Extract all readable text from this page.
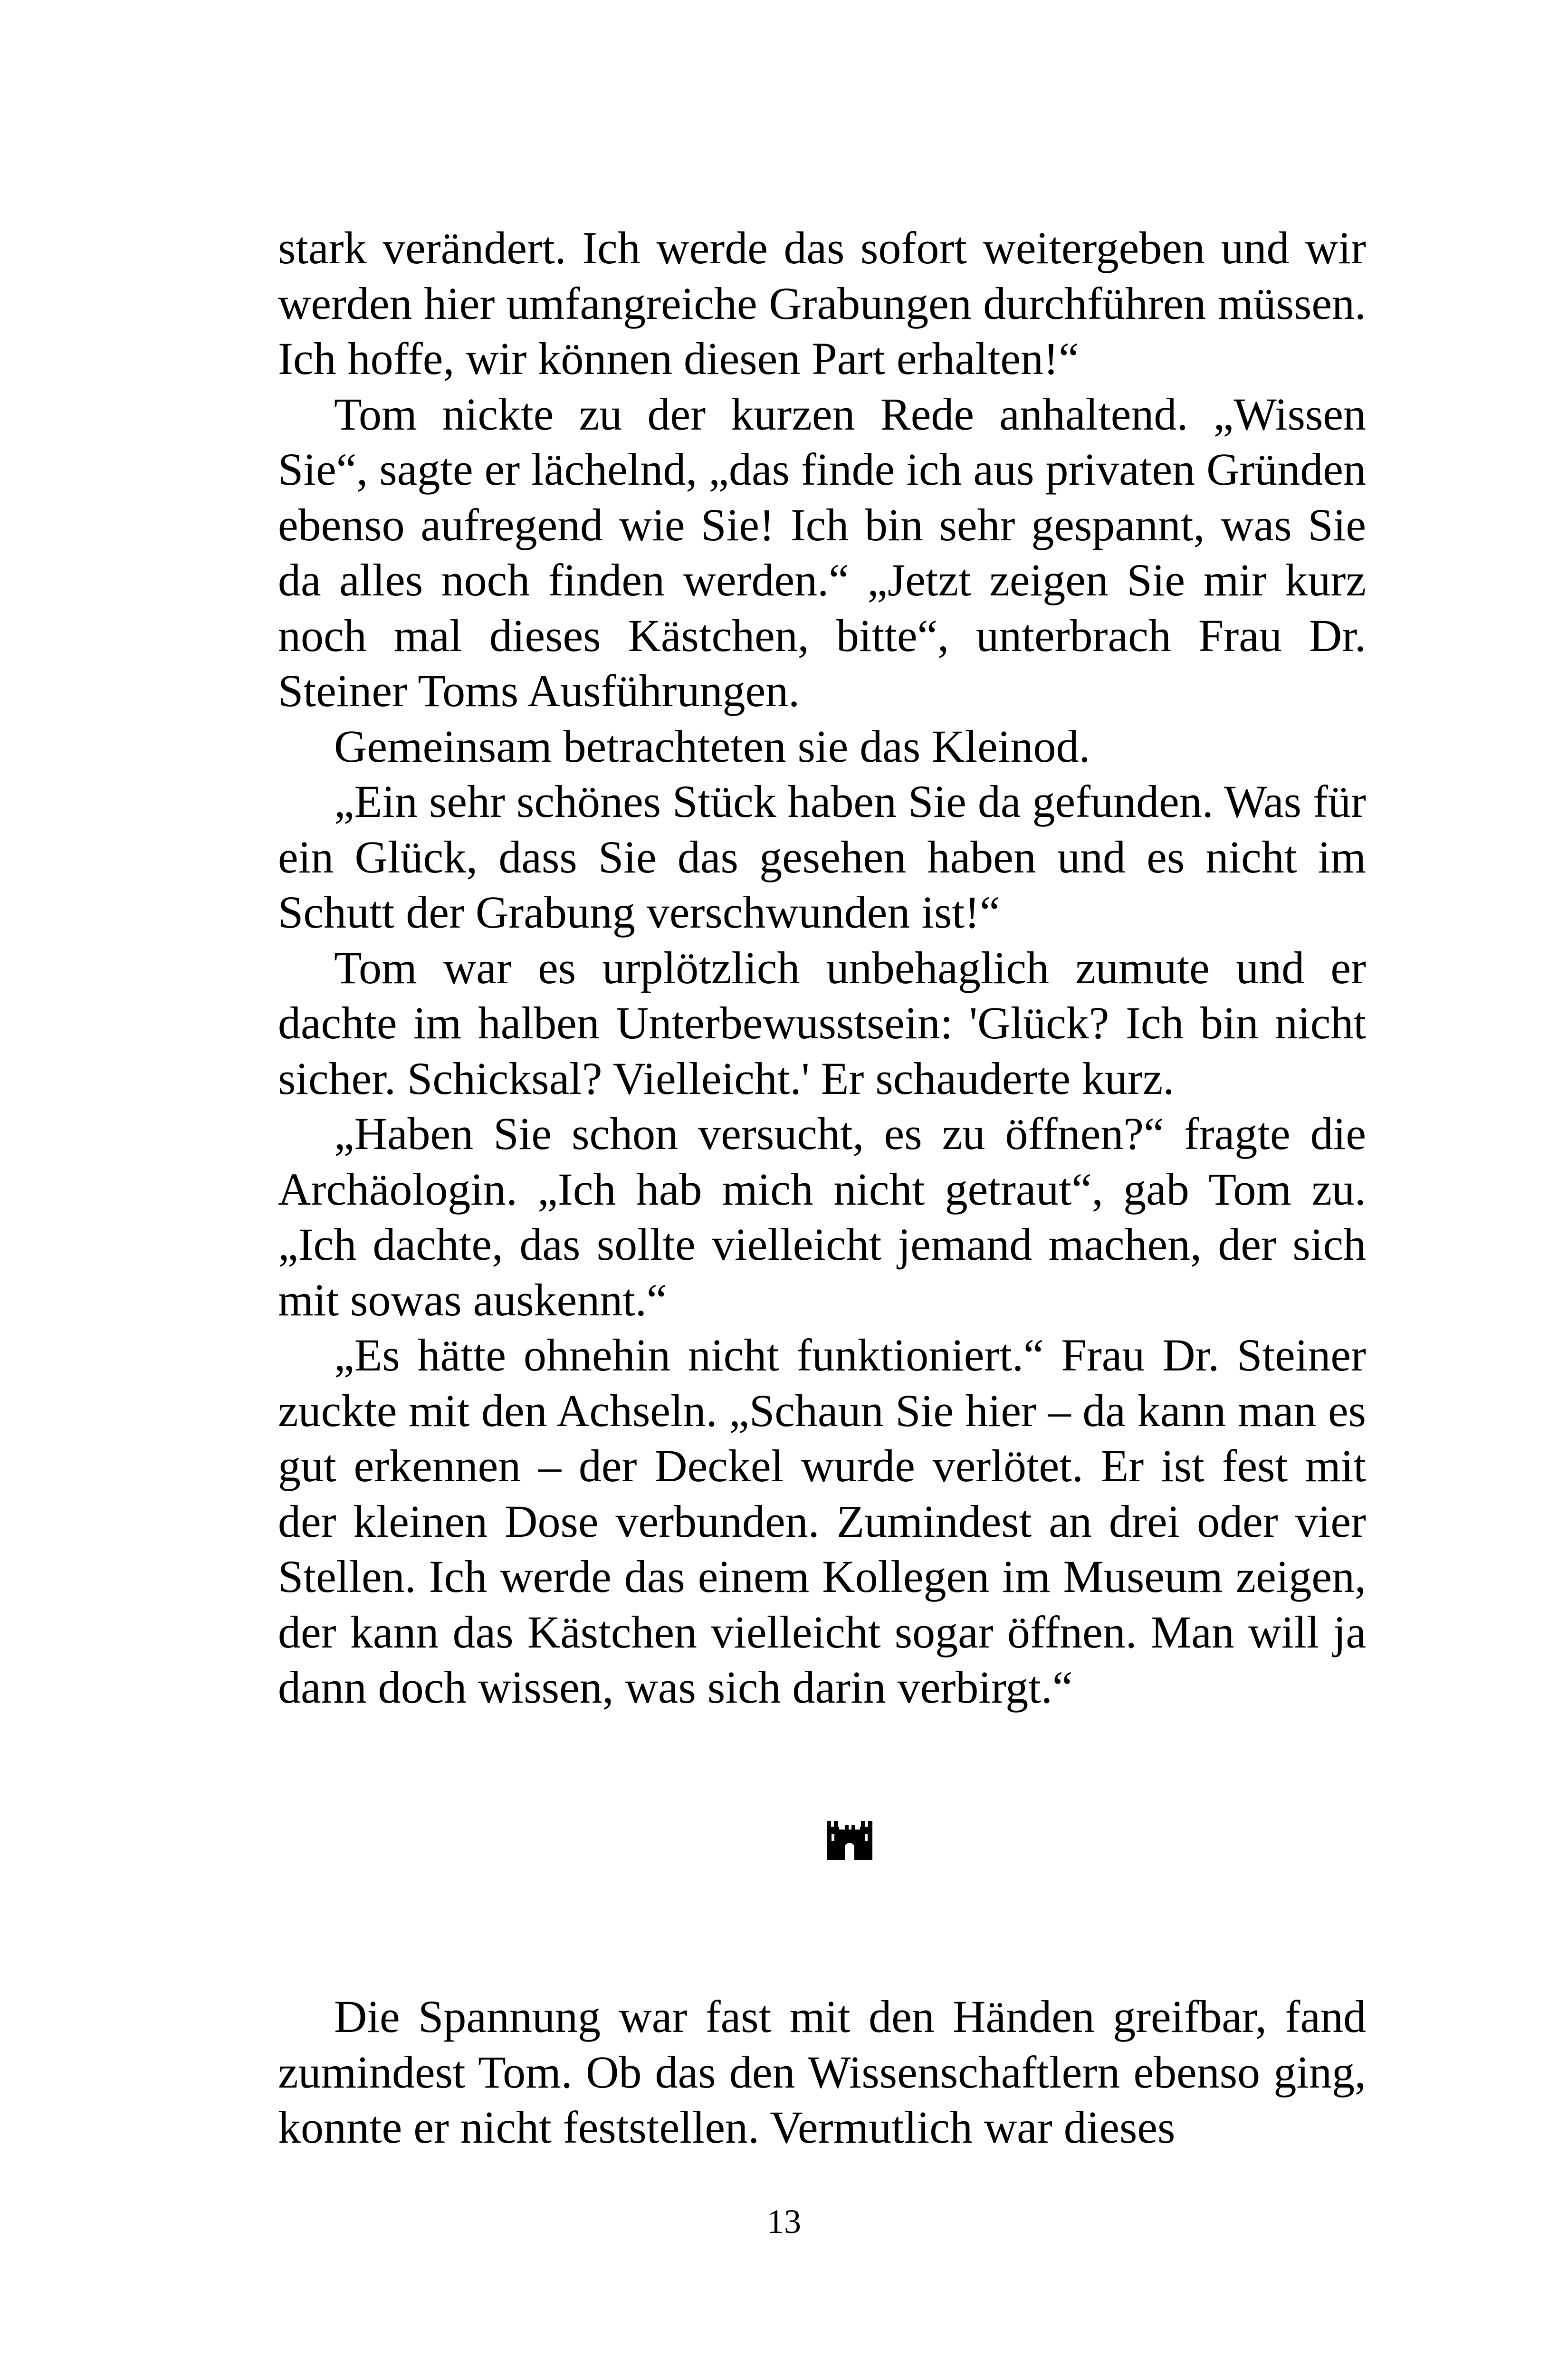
stark verändert. Ich werde das sofort weitergeben und wir werden hier umfangreiche Grabungen durchführen müssen. Ich hoffe, wir können diesen Part erhalten!“

Tom nickte zu der kurzen Rede anhaltend. „Wissen Sie“, sagte er lächelnd, „das finde ich aus privaten Gründen ebenso aufregend wie Sie! Ich bin sehr gespannt, was Sie da alles noch finden werden.“ „Jetzt zeigen Sie mir kurz noch mal dieses Kästchen, bitte“, unterbrach Frau Dr. Steiner Toms Ausführungen.

Gemeinsam betrachteten sie das Kleinod.

„Ein sehr schönes Stück haben Sie da gefunden. Was für ein Glück, dass Sie das gesehen haben und es nicht im Schutt der Grabung verschwunden ist!“

Tom war es urplötzlich unbehaglich zumute und er dachte im halben Unterbewusstsein: 'Glück? Ich bin nicht sicher. Schicksal? Vielleicht.' Er schauderte kurz.

„Haben Sie schon versucht, es zu öffnen?“ fragte die Archäologin. „Ich hab mich nicht getraut“, gab Tom zu. „Ich dachte, das sollte vielleicht jemand machen, der sich mit sowas auskennt.“

„Es hätte ohnehin nicht funktioniert.“ Frau Dr. Steiner zuckte mit den Achseln. „Schaun Sie hier – da kann man es gut erkennen – der Deckel wurde verlötet. Er ist fest mit der kleinen Dose verbunden. Zumindest an drei oder vier Stellen. Ich werde das einem Kollegen im Museum zeigen, der kann das Kästchen vielleicht sogar öffnen. Man will ja dann doch wissen, was sich darin verbirgt.“

Die Spannung war fast mit den Händen greifbar, fand zumindest Tom. Ob das den Wissenschaftlern ebenso ging, konnte er nicht feststellen. Vermutlich war dieses

13
